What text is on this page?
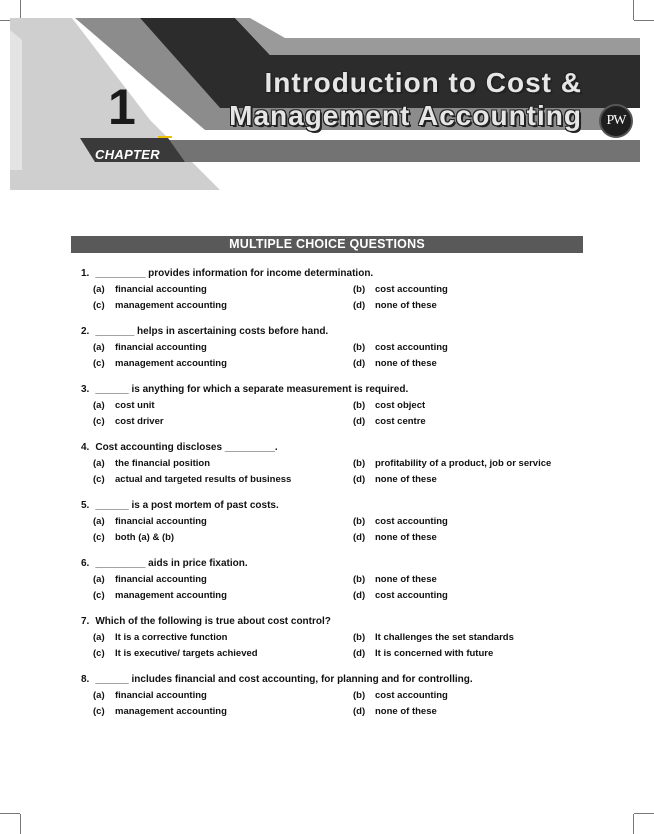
1
CHAPTER
Introduction to Cost &
Management Accounting	PW
MULTIPLE CHOICE QUESTIONS
1. _________ provides information for income determination.
(a)	financial accounting	(b)	cost accounting
(c)	management accounting	(d)	none of these
2. _______ helps in ascertaining costs before hand.
(a)	financial accounting	(b)	cost accounting
(c)	management accounting	(d)	none of these
3. ______ is anything for which a separate measurement is required.
(a)	cost unit	(b)	cost object
(c)	cost driver	(d)	cost centre
4. Cost accounting discloses _________.
(a)	the financial position	(b)	profitability of a product, job or service
(c)	actual and targeted results of business	(d)	none of these
5. ______ is a post mortem of past costs.
(a)	financial accounting	(b)	cost accounting
(c)	both (a) & (b)	(d)	none of these
6. _________ aids in price fixation.
(a)	financial accounting	(b)	none of these
(c)	management accounting	(d)	cost accounting
7. Which of the following is true about cost control?
(a)	It is a corrective function	(b)	It challenges the set standards
(c)	It is executive/ targets achieved	(d)	It is concerned with future
8. ______ includes financial and cost accounting, for planning and for controlling.
(a)	financial accounting	(b)	cost accounting
(c)	management accounting	(d)	none of these
